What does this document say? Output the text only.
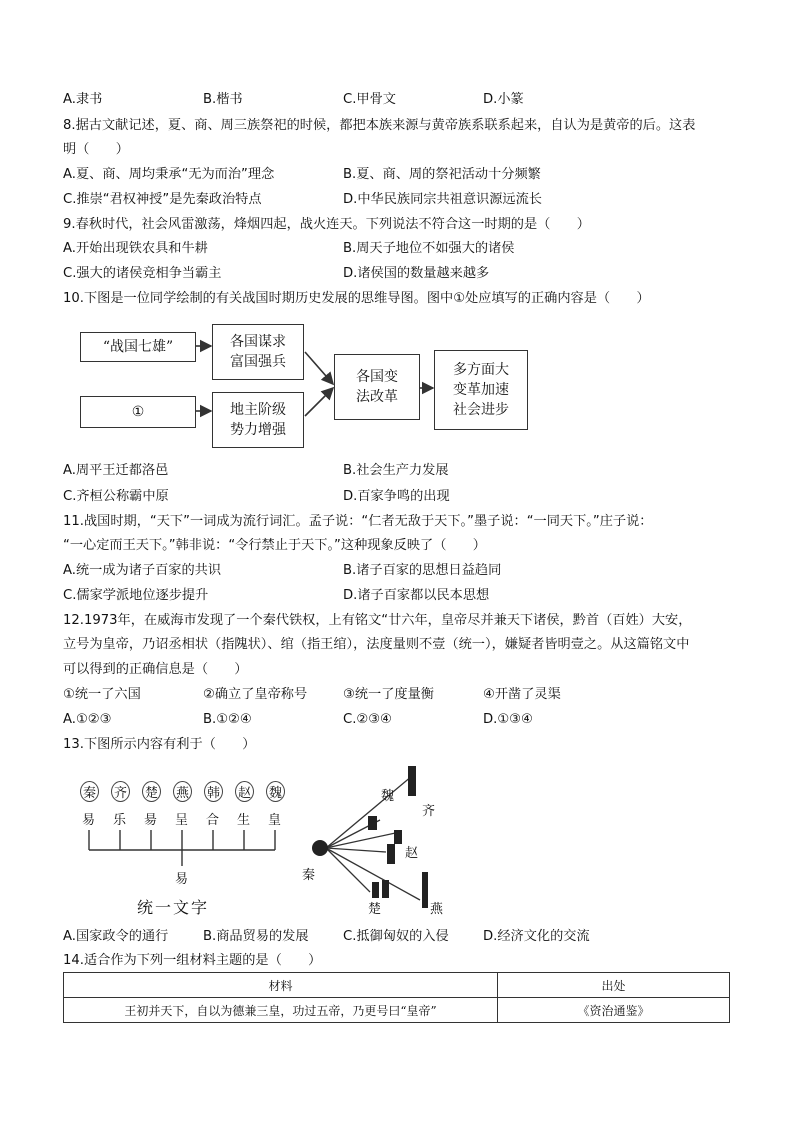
A.隶书	B.楷书	C.甲骨文	D.小篆
8.据古文献记述，夏、商、周三族祭祀的时候，都把本族来源与黄帝族系联系起来，自认为是黄帝的后。这表
明（　　）
A.夏、商、周均秉承“无为而治”理念	B.夏、商、周的祭祀活动十分频繁
C.推崇“君权神授”是先秦政治特点	D.中华民族同宗共祖意识源远流长
9.春秋时代，社会风雷激荡，烽烟四起，战火连天。下列说法不符合这一时期的是（　　）
A.开始出现铁农具和牛耕	B.周天子地位不如强大的诸侯
C.强大的诸侯竞相争当霸主	D.诸侯国的数量越来越多
10.下图是一位同学绘制的有关战国时期历史发展的思维导图。图中①处应填写的正确内容是（　　）
“战国七雄”
①
各国谋求
富国强兵
地主阶级
势力增强
各国变
法改革
多方面大
变革加速
社会进步
A.周平王迁都洛邑	B.社会生产力发展
C.齐桓公称霸中原	D.百家争鸣的出现
11.战国时期，“天下”一词成为流行词汇。孟子说：“仁者无敌于天下。”墨子说：“一同天下。”庄子说：
“一心定而王天下。”韩非说：“令行禁止于天下。”这种现象反映了（　　）
A.统一成为诸子百家的共识	B.诸子百家的思想日益趋同
C.儒家学派地位逐步提升	D.诸子百家都以民本思想
12.1973年，在威海市发现了一个秦代铁权，上有铭文“廿六年，皇帝尽并兼天下诸侯，黔首（百姓）大安，
立号为皇帝，乃诏丞相状（指隗状）、绾（指王绾），法度量则不壹（统一），嫌疑者皆明壹之。从这篇铭文中
可以得到的正确信息是（　　）
①统一了六国	②确立了皇帝称号	③统一了度量衡	④开凿了灵渠
A.①②③	B.①②④	C.②③④	D.①③④
13.下图所示内容有利于（　　）
秦 齐 楚 燕 韩 赵 魏
易 乐 昜 呈 合 生 皇
易
统一文字
魏
齐
赵
秦
楚	燕
A.国家政令的通行	B.商品贸易的发展	C.抵御匈奴的入侵	D.经济文化的交流
14.适合作为下列一组材料主题的是（　　）
材料	出处
王初并天下，自以为德兼三皇，功过五帝，乃更号曰“皇帝”	《资治通鉴》
